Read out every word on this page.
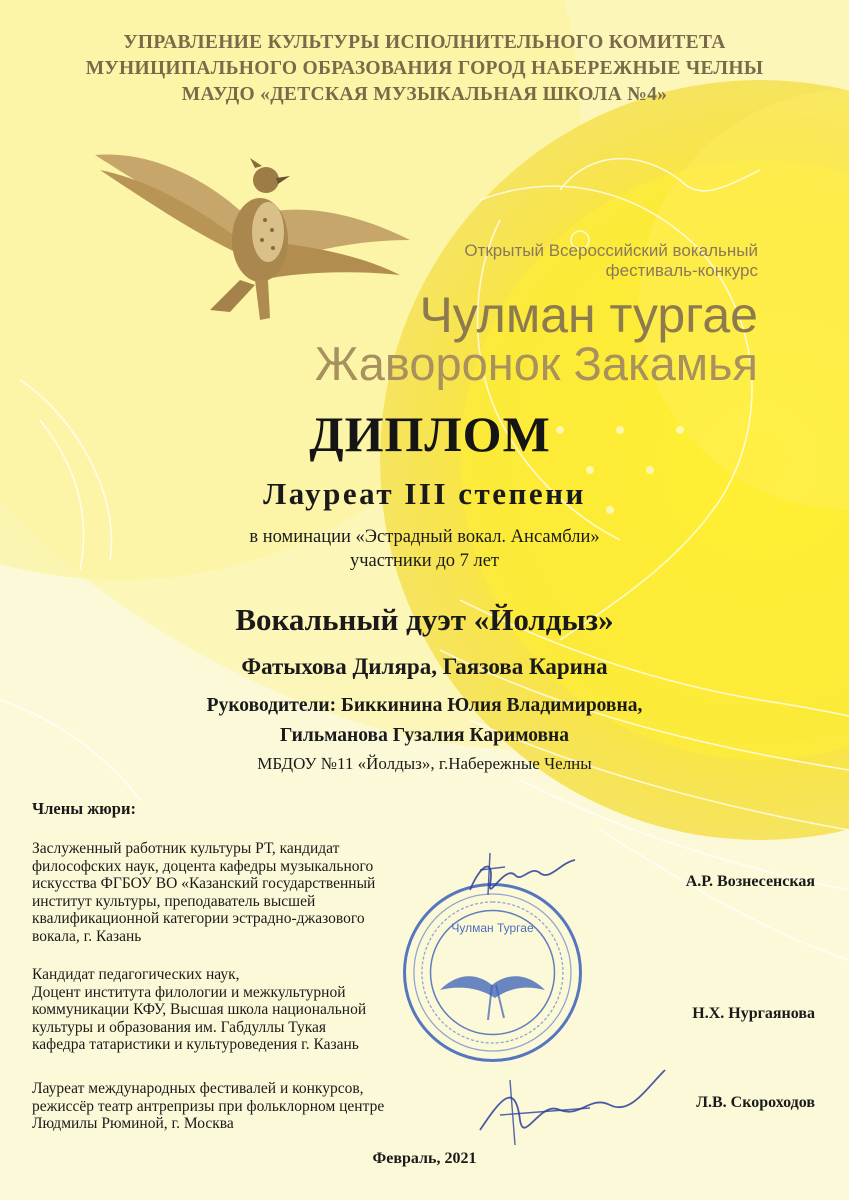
УПРАВЛЕНИЕ КУЛЬТУРЫ ИСПОЛНИТЕЛЬНОГО КОМИТЕТА
МУНИЦИПАЛЬНОГО ОБРАЗОВАНИЯ ГОРОД НАБЕРЕЖНЫЕ ЧЕЛНЫ
МАУДО «ДЕТСКАЯ МУЗЫКАЛЬНАЯ ШКОЛА №4»
Открытый Всероссийский вокальный
фестиваль-конкурс
Чулман тургае
Жаворонок Закамья
ДИПЛОМ
Лауреат III степени
в номинации «Эстрадный вокал. Ансамбли»
участники до 7 лет
Вокальный дуэт «Йолдыз»
Фатыхова Диляра, Гаязова Карина
Руководители: Биккинина Юлия Владимировна,
Гильманова Гузалия Каримовна
МБДОУ №11 «Йолдыз», г.Набережные Челны
Члены жюри:
Заслуженный работник культуры РТ, кандидат
философских наук, доцента кафедры музыкального
искусства ФГБОУ ВО «Казанский государственный
институт культуры, преподаватель высшей
квалификационной категории эстрадно-джазового
вокала, г. Казань
Кандидат педагогических наук,
Доцент института филологии и межкультурной
коммуникации КФУ, Высшая школа национальной
культуры и образования им. Габдуллы Тукая
кафедра татаристики и культуроведения г. Казань
Лауреат международных фестивалей и конкурсов,
режиссёр театр антрепризы при фольклорном центре
Людмилы Рюминой, г. Москва
Чулман Тургае
А.Р. Вознесенская
Н.Х. Нургаянова
Л.В. Скороходов
Февраль, 2021
